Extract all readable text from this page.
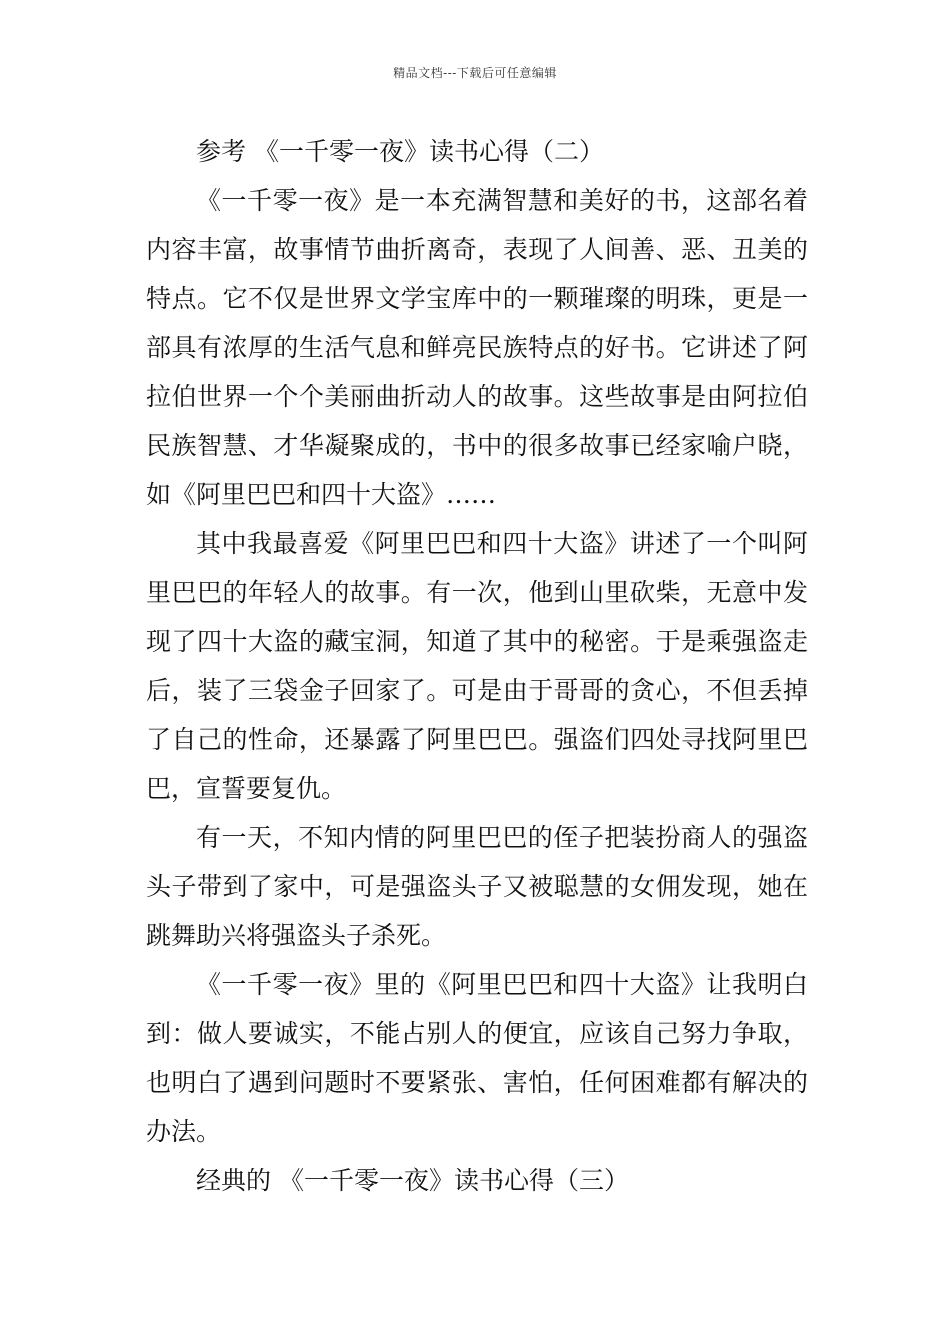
精品文档---下载后可任意编辑

参考 《一千零一夜》读书心得（二）

《一千零一夜》是一本充满智慧和美好的书，这部名着内容丰富，故事情节曲折离奇，表现了人间善、恶、丑美的特点。它不仅是世界文学宝库中的一颗璀璨的明珠，更是一部具有浓厚的生活气息和鲜亮民族特点的好书。它讲述了阿拉伯世界一个个美丽曲折动人的故事。这些故事是由阿拉伯民族智慧、才华凝聚成的，书中的很多故事已经家喻户晓，如《阿里巴巴和四十大盗》……

其中我最喜爱《阿里巴巴和四十大盗》讲述了一个叫阿里巴巴的年轻人的故事。有一次，他到山里砍柴，无意中发现了四十大盗的藏宝洞，知道了其中的秘密。于是乘强盗走后，装了三袋金子回家了。可是由于哥哥的贪心，不但丢掉了自己的性命，还暴露了阿里巴巴。强盗们四处寻找阿里巴巴，宣誓要复仇。

有一天，不知内情的阿里巴巴的侄子把装扮商人的强盗头子带到了家中，可是强盗头子又被聪慧的女佣发现，她在跳舞助兴将强盗头子杀死。

《一千零一夜》里的《阿里巴巴和四十大盗》让我明白到：做人要诚实，不能占别人的便宜，应该自己努力争取，也明白了遇到问题时不要紧张、害怕，任何困难都有解决的办法。

经典的 《一千零一夜》读书心得（三）
